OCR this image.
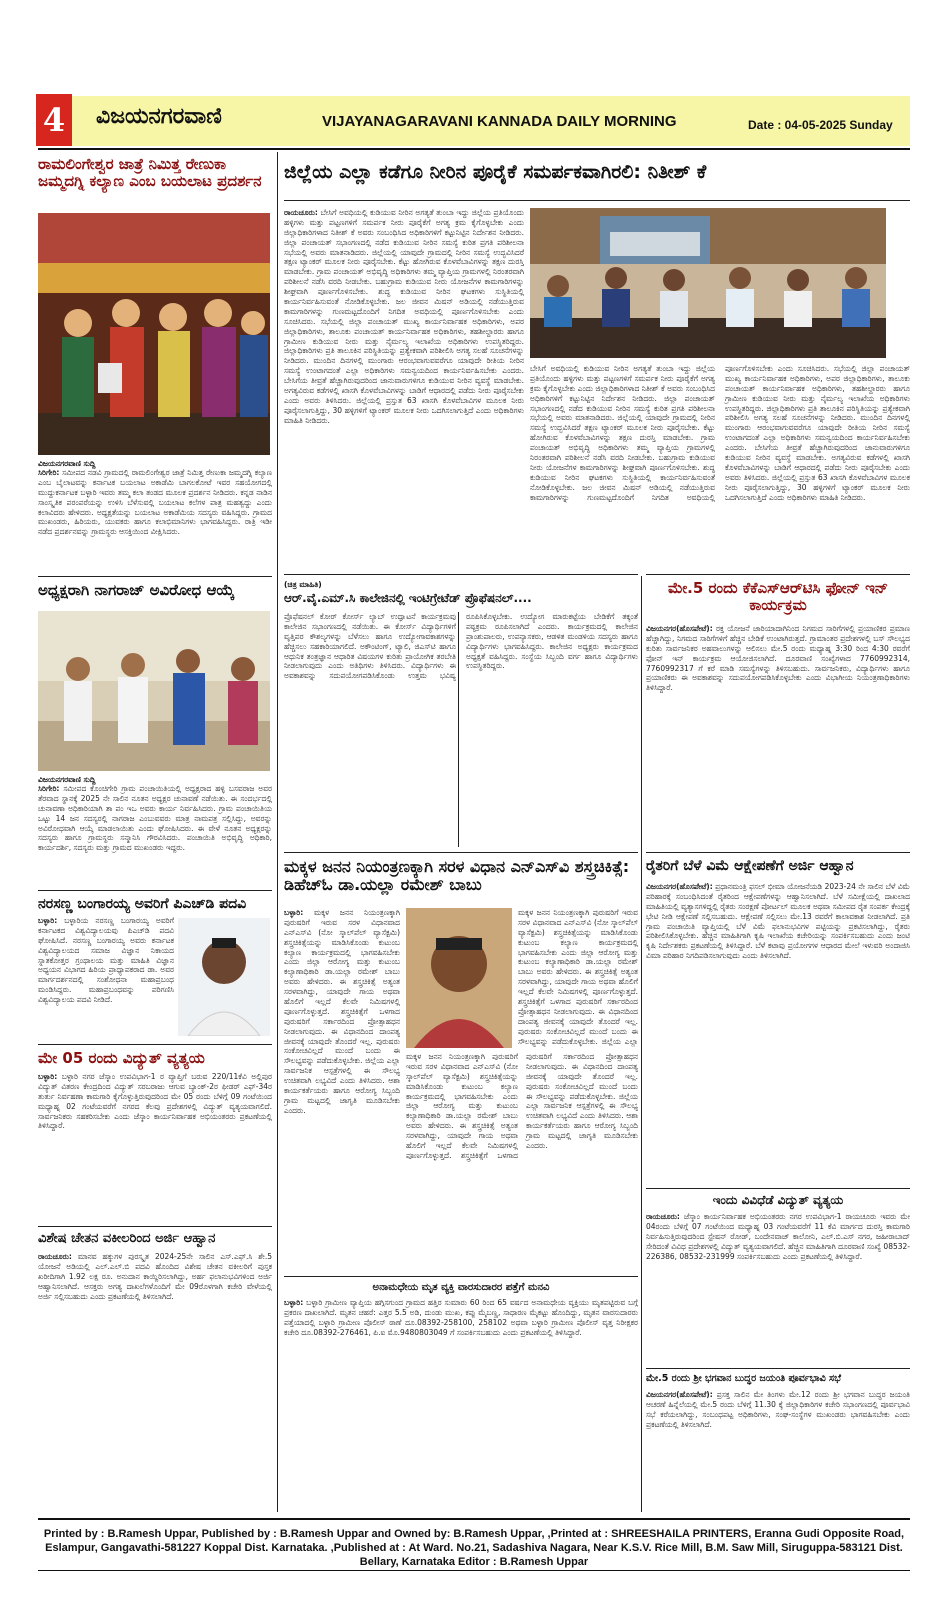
4	ವಿಜಯನಗರವಾಣಿ	VIJAYANAGARAVANI KANNADA DAILY MORNING	Date : 04-05-2025 Sunday
ರಾಮಲಿಂಗೇಶ್ವರ ಜಾತ್ರೆ ನಿಮಿತ್ತ ರೇಣುಕಾ ಜಮ್ಮದಗ್ನಿ ಕಲ್ಯಾಣ ಎಂಬ ಬಯಲಾಟ ಪ್ರದರ್ಶನ
ವಿಜಯನಗರವಾಣಿ ಸುದ್ದಿ
ಸಿರಿಗೇರಿ: ಸಮೀಪದ ನಡವಿ ಗ್ರಾಮದಲ್ಲಿ ರಾಮಲಿಂಗೇಶ್ವರ ಜಾತ್ರೆ ನಿಮಿತ್ತ ರೇಣುಕಾ ಜಮ್ಮದಗ್ನಿ ಕಲ್ಯಾಣ ಎಂಬ ಬೈಲಾಟವನ್ನು ಕರ್ನಾಟಕ ಬಯಲಾಟ ಅಕಾಡೆಮಿ ಬಾಗಲಕೋಟೆ ಇವರ ಸಹಯೋಗದಲ್ಲಿ ಮುದ್ದುಕರ್ನಾಟಕ ಬಳ್ಳಾರಿ ಇವರು ತಮ್ಮ ಕಲಾ ತಂಡದ ಮೂಲಕ ಪ್ರದರ್ಶನ ನೀಡಿದರು. ಕನ್ನಡ ನಾಡಿನ ಸಾಂಸ್ಕೃತಿಕ ಪರಂಪರೆಯನ್ನು ಉಳಿಸಿ ಬೆಳೆಸುವಲ್ಲಿ ಬಯಲಾಟ ಕಲೆಗಳ ಪಾತ್ರ ಮಹತ್ವದ್ದು ಎಂದು ಕಲಾವಿದರು ಹೇಳಿದರು. ಅಧ್ಯಕ್ಷತೆಯನ್ನು ಬಯಲಾಟ ಅಕಾಡೆಮಿಯ ಸದಸ್ಯರು ವಹಿಸಿದ್ದರು. ಗ್ರಾಮದ ಮುಖಂಡರು, ಹಿರಿಯರು, ಯುವಕರು ಹಾಗೂ ಕಲಾಭಿಮಾನಿಗಳು ಭಾಗವಹಿಸಿದ್ದರು. ರಾತ್ರಿ ಇಡೀ ನಡೆದ ಪ್ರದರ್ಶನವನ್ನು ಗ್ರಾಮಸ್ಥರು ಆಸಕ್ತಿಯಿಂದ ವೀಕ್ಷಿಸಿದರು.
ಅಧ್ಯಕ್ಷರಾಗಿ ನಾಗರಾಜ್ ಅವಿರೋಧ ಆಯ್ಕೆ
ವಿಜಯನಗರವಾಣಿ ಸುದ್ದಿ
ಸಿರಿಗೇರಿ: ಸಮೀಪದ ಕೊಂಚಿಗೇರಿ ಗ್ರಾಮ ಪಂಚಾಯಿತಿಯಲ್ಲಿ ಅಧ್ಯಕ್ಷರಾದ ಹಳ್ಳಿ ಬಸವರಾಜ ಅವರ ತೆರವಾದ ಸ್ಥಾನಕ್ಕೆ 2025 ನೇ ಸಾಲಿನ ನೂತನ ಅಧ್ಯಕ್ಷರ ಚುನಾವಣೆ ನಡೆಯಿತು. ಈ ಸಂದರ್ಭದಲ್ಲಿ ಚುನಾವಣಾ ಅಧಿಕಾರಿಯಾಗಿ ತಾ ಪಂ ಇಒ ಅವರು ಕಾರ್ಯ ನಿರ್ವಹಿಸಿದರು. ಗ್ರಾಮ ಪಂಚಾಯಿತಿಯ ಒಟ್ಟು 14 ಜನ ಸದಸ್ಯರಲ್ಲಿ ನಾಗರಾಜ ಎಂಬುವವರು ಮಾತ್ರ ನಾಮಪತ್ರ ಸಲ್ಲಿಸಿದ್ದು, ಅವರನ್ನು ಅವಿರೋಧವಾಗಿ ಆಯ್ಕೆ ಮಾಡಲಾಯಿತು ಎಂದು ಘೋಷಿಸಿದರು. ಈ ವೇಳೆ ನೂತನ ಅಧ್ಯಕ್ಷರನ್ನು ಸದಸ್ಯರು ಹಾಗೂ ಗ್ರಾಮಸ್ಥರು ಸನ್ಮಾನಿಸಿ ಗೌರವಿಸಿದರು. ಪಂಚಾಯಿತಿ ಅಭಿವೃದ್ಧಿ ಅಧಿಕಾರಿ, ಕಾರ್ಯದರ್ಶಿ, ಸದಸ್ಯರು ಮತ್ತು ಗ್ರಾಮದ ಮುಖಂಡರು ಇದ್ದರು.
ನರಸಣ್ಣ ಬಂಗಾರಯ್ಯ ಅವರಿಗೆ ಪಿಎಚ್‌ಡಿ ಪದವಿ
ಬಳ್ಳಾರಿ: ಬಳ್ಳಾರಿಯ ನರಸಣ್ಣ ಬಂಗಾರಯ್ಯ ಅವರಿಗೆ ಕರ್ನಾಟಕದ ವಿಶ್ವವಿದ್ಯಾಲಯವು ಪಿಎಚ್‌ಡಿ ಪದವಿ ಘೋಷಿಸಿದೆ. ನರಸಣ್ಣ ಬಂಗಾರಯ್ಯ ಅವರು ಕರ್ನಾಟಕ ವಿಶ್ವವಿದ್ಯಾಲಯದ ಸಮಾಜ ವಿಜ್ಞಾನ ನಿಕಾಯದ ಸ್ನಾತಕೋತ್ತರ ಗ್ರಂಥಾಲಯ ಮತ್ತು ಮಾಹಿತಿ ವಿಜ್ಞಾನ ಅಧ್ಯಯನ ವಿಭಾಗದ ಹಿರಿಯ ಪ್ರಾಧ್ಯಾಪಕರಾದ ಡಾ. ಅವರ ಮಾರ್ಗದರ್ಶನದಲ್ಲಿ ಸಂಶೋಧನಾ ಮಹಾಪ್ರಬಂಧ ಮಂಡಿಸಿದ್ದರು. ಮಹಾಪ್ರಬಂಧವನ್ನು ಪರಿಗಣಿಸಿ ವಿಶ್ವವಿದ್ಯಾಲಯ ಪದವಿ ನೀಡಿದೆ.
ಮೇ 05 ರಂದು ವಿದ್ಯುತ್ ವ್ಯತ್ಯಯ
ಬಳ್ಳಾರಿ: ಬಳ್ಳಾರಿ ನಗರ ಜೆಸ್ಕಾಂ ಉಪವಿಭಾಗ-1 ರ ವ್ಯಾಪ್ತಿಗೆ ಬರುವ 220/11ಕೆವಿ ಅಲ್ಲಿಪುರ ವಿದ್ಯುತ್ ವಿತರಣ ಕೇಂದ್ರದಿಂದ ವಿದ್ಯುತ್ ಸರಬರಾಜು ಆಗುವ ಬ್ಯಾಂಕ್-2ರ ಫೀಡರ್ ಎಫ್-34ರ ತುರ್ತು ನಿರ್ವಹಣಾ ಕಾಮಗಾರಿ ಕೈಗೊಳ್ಳುತ್ತಿರುವುದರಿಂದ ಮೇ 05 ರಂದು ಬೆಳಿಗ್ಗೆ 09 ಗಂಟೆಯಿಂದ ಮಧ್ಯಾಹ್ನ 02 ಗಂಟೆಯವರೆಗೆ ನಗರದ ಕೆಲವು ಪ್ರದೇಶಗಳಲ್ಲಿ ವಿದ್ಯುತ್ ವ್ಯತ್ಯಯವಾಗಲಿದೆ. ಸಾರ್ವಜನಿಕರು ಸಹಕರಿಸಬೇಕು ಎಂದು ಜೆಸ್ಕಾಂ ಕಾರ್ಯನಿರ್ವಾಹಕ ಅಭಿಯಂತರರು ಪ್ರಕಟಣೆಯಲ್ಲಿ ತಿಳಿಸಿದ್ದಾರೆ.
ವಿಶೇಷ ಚೇತನ ವಕೀಲರಿಂದ ಅರ್ಜಿ ಆಹ್ವಾನ
ರಾಯಚೂರು: ಮಾನವ ಹಕ್ಕುಗಳ ಪುರಸ್ಕೃತ 2024-25ನೇ ಸಾಲಿನ ಎಸ್.ಎಫ್.ಸಿ ಶೇ.5 ಯೋಜನೆ ಅಡಿಯಲ್ಲಿ ಎಲ್.ಎಲ್.ಬಿ ಪದವಿ ಹೊಂದಿದ ವಿಶೇಷ ಚೇತನ ವಕೀಲರಿಗೆ ಪುಸ್ತಕ ಖರೀದಿಗಾಗಿ 1.92 ಲಕ್ಷ ರೂ. ಅನುದಾನ ಕಾಯ್ದಿರಿಸಲಾಗಿದ್ದು, ಅರ್ಹ ಫಲಾನುಭವಿಗಳಿಂದ ಅರ್ಜಿ ಆಹ್ವಾನಿಸಲಾಗಿದೆ. ಆಸಕ್ತರು ಅಗತ್ಯ ದಾಖಲೆಗಳೊಂದಿಗೆ ಮೇ 09ರೊಳಗಾಗಿ ಕಚೇರಿ ವೇಳೆಯಲ್ಲಿ ಅರ್ಜಿ ಸಲ್ಲಿಸಬಹುದು ಎಂದು ಪ್ರಕಟಣೆಯಲ್ಲಿ ತಿಳಿಸಲಾಗಿದೆ.
ಜಿಲ್ಲೆಯ ಎಲ್ಲಾ ಕಡೆಗೂ ನೀರಿನ ಪೂರೈಕೆ ಸಮರ್ಪಕವಾಗಿರಲಿ: ನಿತೀಶ್ ಕೆ
ರಾಯಚೂರು: ಬೇಸಿಗೆ ಅವಧಿಯಲ್ಲಿ ಕುಡಿಯುವ ನೀರಿನ ಅಗತ್ಯತೆ ತುಂಬಾ ಇದ್ದು ಜಿಲ್ಲೆಯ ಪ್ರತಿಯೊಂದು ಹಳ್ಳಿಗಳು ಮತ್ತು ಪಟ್ಟಣಗಳಿಗೆ ಸಮರ್ಪಕ ನೀರು ಪೂರೈಕೆಗೆ ಅಗತ್ಯ ಕ್ರಮ ಕೈಗೊಳ್ಳಬೇಕು ಎಂದು ಜಿಲ್ಲಾಧಿಕಾರಿಗಳಾದ ನಿತೀಶ್ ಕೆ ಅವರು ಸಂಬಂಧಿಸಿದ ಅಧಿಕಾರಿಗಳಿಗೆ ಕಟ್ಟುನಿಟ್ಟಿನ ನಿರ್ದೇಶನ ನೀಡಿದರು. ಜಿಲ್ಲಾ ಪಂಚಾಯತ್ ಸಭಾಂಗಣದಲ್ಲಿ ನಡೆದ ಕುಡಿಯುವ ನೀರಿನ ಸಮಸ್ಯೆ ಕುರಿತ ಪ್ರಗತಿ ಪರಿಶೀಲನಾ ಸಭೆಯಲ್ಲಿ ಅವರು ಮಾತನಾಡಿದರು. ಜಿಲ್ಲೆಯಲ್ಲಿ ಯಾವುದೇ ಗ್ರಾಮದಲ್ಲಿ ನೀರಿನ ಸಮಸ್ಯೆ ಉದ್ಭವಿಸಿದರೆ ತಕ್ಷಣ ಟ್ಯಾಂಕರ್ ಮೂಲಕ ನೀರು ಪೂರೈಸಬೇಕು. ಕೆಟ್ಟು ಹೋಗಿರುವ ಕೊಳವೆಬಾವಿಗಳನ್ನು ತಕ್ಷಣ ದುರಸ್ತಿ ಮಾಡಬೇಕು. ಗ್ರಾಮ ಪಂಚಾಯತ್ ಅಭಿವೃದ್ಧಿ ಅಧಿಕಾರಿಗಳು ತಮ್ಮ ವ್ಯಾಪ್ತಿಯ ಗ್ರಾಮಗಳಲ್ಲಿ ನಿರಂತರವಾಗಿ ಪರಿಶೀಲನೆ ನಡೆಸಿ ವರದಿ ನೀಡಬೇಕು. ಬಹುಗ್ರಾಮ ಕುಡಿಯುವ ನೀರು ಯೋಜನೆಗಳ ಕಾಮಗಾರಿಗಳನ್ನು ಶೀಘ್ರವಾಗಿ ಪೂರ್ಣಗೊಳಿಸಬೇಕು. ಶುದ್ಧ ಕುಡಿಯುವ ನೀರಿನ ಘಟಕಗಳು ಸುಸ್ಥಿತಿಯಲ್ಲಿ ಕಾರ್ಯನಿರ್ವಹಿಸುವಂತೆ ನೋಡಿಕೊಳ್ಳಬೇಕು. ಜಲ ಜೀವನ ಮಿಷನ್ ಅಡಿಯಲ್ಲಿ ನಡೆಯುತ್ತಿರುವ ಕಾಮಗಾರಿಗಳನ್ನು ಗುಣಮಟ್ಟದೊಂದಿಗೆ ನಿಗದಿತ ಅವಧಿಯಲ್ಲಿ ಪೂರ್ಣಗೊಳಿಸಬೇಕು ಎಂದು ಸೂಚಿಸಿದರು. ಸಭೆಯಲ್ಲಿ ಜಿಲ್ಲಾ ಪಂಚಾಯತ್ ಮುಖ್ಯ ಕಾರ್ಯನಿರ್ವಾಹಕ ಅಧಿಕಾರಿಗಳು, ಅಪರ ಜಿಲ್ಲಾಧಿಕಾರಿಗಳು, ತಾಲೂಕು ಪಂಚಾಯತ್ ಕಾರ್ಯನಿರ್ವಾಹಕ ಅಧಿಕಾರಿಗಳು, ತಹಶೀಲ್ದಾರರು ಹಾಗೂ ಗ್ರಾಮೀಣ ಕುಡಿಯುವ ನೀರು ಮತ್ತು ನೈರ್ಮಲ್ಯ ಇಲಾಖೆಯ ಅಧಿಕಾರಿಗಳು ಉಪಸ್ಥಿತರಿದ್ದರು. ಜಿಲ್ಲಾಧಿಕಾರಿಗಳು ಪ್ರತಿ ತಾಲೂಕಿನ ಪರಿಸ್ಥಿತಿಯನ್ನು ಪ್ರತ್ಯೇಕವಾಗಿ ಪರಿಶೀಲಿಸಿ ಅಗತ್ಯ ಸಲಹೆ ಸೂಚನೆಗಳನ್ನು ನೀಡಿದರು. ಮುಂದಿನ ದಿನಗಳಲ್ಲಿ ಮುಂಗಾರು ಆರಂಭವಾಗುವವರೆಗೂ ಯಾವುದೇ ರೀತಿಯ ನೀರಿನ ಸಮಸ್ಯೆ ಉಂಟಾಗದಂತೆ ಎಲ್ಲಾ ಅಧಿಕಾರಿಗಳು ಸಮನ್ವಯದಿಂದ ಕಾರ್ಯನಿರ್ವಹಿಸಬೇಕು ಎಂದರು. ಬೇಸಿಗೆಯ ತೀವ್ರತೆ ಹೆಚ್ಚಾಗಿರುವುದರಿಂದ ಜಾನುವಾರುಗಳಿಗೂ ಕುಡಿಯುವ ನೀರಿನ ವ್ಯವಸ್ಥೆ ಮಾಡಬೇಕು. ಅಗತ್ಯವಿರುವ ಕಡೆಗಳಲ್ಲಿ ಖಾಸಗಿ ಕೊಳವೆಬಾವಿಗಳನ್ನು ಬಾಡಿಗೆ ಆಧಾರದಲ್ಲಿ ಪಡೆದು ನೀರು ಪೂರೈಸಬೇಕು ಎಂದು ಅವರು ತಿಳಿಸಿದರು. ಜಿಲ್ಲೆಯಲ್ಲಿ ಪ್ರಸ್ತುತ 63 ಖಾಸಗಿ ಕೊಳವೆಬಾವಿಗಳ ಮೂಲಕ ನೀರು ಪೂರೈಸಲಾಗುತ್ತಿದ್ದು, 30 ಹಳ್ಳಿಗಳಿಗೆ ಟ್ಯಾಂಕರ್ ಮೂಲಕ ನೀರು ಒದಗಿಸಲಾಗುತ್ತಿದೆ ಎಂದು ಅಧಿಕಾರಿಗಳು ಮಾಹಿತಿ ನೀಡಿದರು.
ಬೇಸಿಗೆ ಅವಧಿಯಲ್ಲಿ ಕುಡಿಯುವ ನೀರಿನ ಅಗತ್ಯತೆ ತುಂಬಾ ಇದ್ದು ಜಿಲ್ಲೆಯ ಪ್ರತಿಯೊಂದು ಹಳ್ಳಿಗಳು ಮತ್ತು ಪಟ್ಟಣಗಳಿಗೆ ಸಮರ್ಪಕ ನೀರು ಪೂರೈಕೆಗೆ ಅಗತ್ಯ ಕ್ರಮ ಕೈಗೊಳ್ಳಬೇಕು ಎಂದು ಜಿಲ್ಲಾಧಿಕಾರಿಗಳಾದ ನಿತೀಶ್ ಕೆ ಅವರು ಸಂಬಂಧಿಸಿದ ಅಧಿಕಾರಿಗಳಿಗೆ ಕಟ್ಟುನಿಟ್ಟಿನ ನಿರ್ದೇಶನ ನೀಡಿದರು. ಜಿಲ್ಲಾ ಪಂಚಾಯತ್ ಸಭಾಂಗಣದಲ್ಲಿ ನಡೆದ ಕುಡಿಯುವ ನೀರಿನ ಸಮಸ್ಯೆ ಕುರಿತ ಪ್ರಗತಿ ಪರಿಶೀಲನಾ ಸಭೆಯಲ್ಲಿ ಅವರು ಮಾತನಾಡಿದರು. ಜಿಲ್ಲೆಯಲ್ಲಿ ಯಾವುದೇ ಗ್ರಾಮದಲ್ಲಿ ನೀರಿನ ಸಮಸ್ಯೆ ಉದ್ಭವಿಸಿದರೆ ತಕ್ಷಣ ಟ್ಯಾಂಕರ್ ಮೂಲಕ ನೀರು ಪೂರೈಸಬೇಕು. ಕೆಟ್ಟು ಹೋಗಿರುವ ಕೊಳವೆಬಾವಿಗಳನ್ನು ತಕ್ಷಣ ದುರಸ್ತಿ ಮಾಡಬೇಕು. ಗ್ರಾಮ ಪಂಚಾಯತ್ ಅಭಿವೃದ್ಧಿ ಅಧಿಕಾರಿಗಳು ತಮ್ಮ ವ್ಯಾಪ್ತಿಯ ಗ್ರಾಮಗಳಲ್ಲಿ ನಿರಂತರವಾಗಿ ಪರಿಶೀಲನೆ ನಡೆಸಿ ವರದಿ ನೀಡಬೇಕು. ಬಹುಗ್ರಾಮ ಕುಡಿಯುವ ನೀರು ಯೋಜನೆಗಳ ಕಾಮಗಾರಿಗಳನ್ನು ಶೀಘ್ರವಾಗಿ ಪೂರ್ಣಗೊಳಿಸಬೇಕು. ಶುದ್ಧ ಕುಡಿಯುವ ನೀರಿನ ಘಟಕಗಳು ಸುಸ್ಥಿತಿಯಲ್ಲಿ ಕಾರ್ಯನಿರ್ವಹಿಸುವಂತೆ ನೋಡಿಕೊಳ್ಳಬೇಕು. ಜಲ ಜೀವನ ಮಿಷನ್ ಅಡಿಯಲ್ಲಿ ನಡೆಯುತ್ತಿರುವ ಕಾಮಗಾರಿಗಳನ್ನು ಗುಣಮಟ್ಟದೊಂದಿಗೆ ನಿಗದಿತ ಅವಧಿಯಲ್ಲಿ ಪೂರ್ಣಗೊಳಿಸಬೇಕು ಎಂದು ಸೂಚಿಸಿದರು. ಸಭೆಯಲ್ಲಿ ಜಿಲ್ಲಾ ಪಂಚಾಯತ್ ಮುಖ್ಯ ಕಾರ್ಯನಿರ್ವಾಹಕ ಅಧಿಕಾರಿಗಳು, ಅಪರ ಜಿಲ್ಲಾಧಿಕಾರಿಗಳು, ತಾಲೂಕು ಪಂಚಾಯತ್ ಕಾರ್ಯನಿರ್ವಾಹಕ ಅಧಿಕಾರಿಗಳು, ತಹಶೀಲ್ದಾರರು ಹಾಗೂ ಗ್ರಾಮೀಣ ಕುಡಿಯುವ ನೀರು ಮತ್ತು ನೈರ್ಮಲ್ಯ ಇಲಾಖೆಯ ಅಧಿಕಾರಿಗಳು ಉಪಸ್ಥಿತರಿದ್ದರು. ಜಿಲ್ಲಾಧಿಕಾರಿಗಳು ಪ್ರತಿ ತಾಲೂಕಿನ ಪರಿಸ್ಥಿತಿಯನ್ನು ಪ್ರತ್ಯೇಕವಾಗಿ ಪರಿಶೀಲಿಸಿ ಅಗತ್ಯ ಸಲಹೆ ಸೂಚನೆಗಳನ್ನು ನೀಡಿದರು. ಮುಂದಿನ ದಿನಗಳಲ್ಲಿ ಮುಂಗಾರು ಆರಂಭವಾಗುವವರೆಗೂ ಯಾವುದೇ ರೀತಿಯ ನೀರಿನ ಸಮಸ್ಯೆ ಉಂಟಾಗದಂತೆ ಎಲ್ಲಾ ಅಧಿಕಾರಿಗಳು ಸಮನ್ವಯದಿಂದ ಕಾರ್ಯನಿರ್ವಹಿಸಬೇಕು ಎಂದರು. ಬೇಸಿಗೆಯ ತೀವ್ರತೆ ಹೆಚ್ಚಾಗಿರುವುದರಿಂದ ಜಾನುವಾರುಗಳಿಗೂ ಕುಡಿಯುವ ನೀರಿನ ವ್ಯವಸ್ಥೆ ಮಾಡಬೇಕು. ಅಗತ್ಯವಿರುವ ಕಡೆಗಳಲ್ಲಿ ಖಾಸಗಿ ಕೊಳವೆಬಾವಿಗಳನ್ನು ಬಾಡಿಗೆ ಆಧಾರದಲ್ಲಿ ಪಡೆದು ನೀರು ಪೂರೈಸಬೇಕು ಎಂದು ಅವರು ತಿಳಿಸಿದರು. ಜಿಲ್ಲೆಯಲ್ಲಿ ಪ್ರಸ್ತುತ 63 ಖಾಸಗಿ ಕೊಳವೆಬಾವಿಗಳ ಮೂಲಕ ನೀರು ಪೂರೈಸಲಾಗುತ್ತಿದ್ದು, 30 ಹಳ್ಳಿಗಳಿಗೆ ಟ್ಯಾಂಕರ್ ಮೂಲಕ ನೀರು ಒದಗಿಸಲಾಗುತ್ತಿದೆ ಎಂದು ಅಧಿಕಾರಿಗಳು ಮಾಹಿತಿ ನೀಡಿದರು.
(ಚಿತ್ರ ಮಾಹಿತಿ)
ಆರ್.ವೈ.ಎಮ್.ಸಿ ಕಾಲೇಜಿನಲ್ಲಿ ಇಂಟಿಗ್ರೇಟೆಡ್ ಪ್ರೊಫೆಷನಲ್....
ಪ್ರೊಫೆಷನಲ್ ಕೋರ್ ಕೋರ್ಸ್ ಲ್ಯಾಬ್ ಉದ್ಘಾಟನೆ ಕಾರ್ಯಕ್ರಮವು ಕಾಲೇಜಿನ ಸಭಾಂಗಣದಲ್ಲಿ ನಡೆಯಿತು. ಈ ಕೋರ್ಸ್ ವಿದ್ಯಾರ್ಥಿಗಳಿಗೆ ವೃತ್ತಿಪರ ಕೌಶಲ್ಯಗಳನ್ನು ಬೆಳೆಸಲು ಹಾಗೂ ಉದ್ಯೋಗಾವಕಾಶಗಳನ್ನು ಹೆಚ್ಚಿಸಲು ಸಹಕಾರಿಯಾಗಲಿದೆ. ಅಕೌಂಟಿಂಗ್, ಟ್ಯಾಲಿ, ಜಿಎಸ್‌ಟಿ ಹಾಗೂ ಆಧುನಿಕ ತಂತ್ರಜ್ಞಾನ ಆಧಾರಿತ ವಿಷಯಗಳ ಕುರಿತು ಪ್ರಾಯೋಗಿಕ ತರಬೇತಿ ನೀಡಲಾಗುವುದು ಎಂದು ಅತಿಥಿಗಳು ತಿಳಿಸಿದರು. ವಿದ್ಯಾರ್ಥಿಗಳು ಈ ಅವಕಾಶವನ್ನು ಸದುಪಯೋಗಪಡಿಸಿಕೊಂಡು ಉತ್ತಮ ಭವಿಷ್ಯ ರೂಪಿಸಿಕೊಳ್ಳಬೇಕು. ಉದ್ಯೋಗ ಮಾರುಕಟ್ಟೆಯ ಬೇಡಿಕೆಗೆ ತಕ್ಕಂತೆ ಪಠ್ಯಕ್ರಮ ರೂಪಿಸಲಾಗಿದೆ ಎಂದರು. ಕಾರ್ಯಕ್ರಮದಲ್ಲಿ ಕಾಲೇಜಿನ ಪ್ರಾಂಶುಪಾಲರು, ಉಪನ್ಯಾಸಕರು, ಆಡಳಿತ ಮಂಡಳಿಯ ಸದಸ್ಯರು ಹಾಗೂ ವಿದ್ಯಾರ್ಥಿಗಳು ಭಾಗವಹಿಸಿದ್ದರು. ಕಾಲೇಜಿನ ಅಧ್ಯಕ್ಷರು ಕಾರ್ಯಕ್ರಮದ ಅಧ್ಯಕ್ಷತೆ ವಹಿಸಿದ್ದರು. ಸಂಸ್ಥೆಯ ಸಿಬ್ಬಂದಿ ವರ್ಗ ಹಾಗೂ ವಿದ್ಯಾರ್ಥಿಗಳು ಉಪಸ್ಥಿತರಿದ್ದರು.
ಮೇ.5 ರಂದು ಕೆಕೆಎಸ್‌ಆರ್‌ಟಿಸಿ ಫೋನ್ ಇನ್ ಕಾರ್ಯಕ್ರಮ
ವಿಜಯನಗರ(ಹೊಸಪೇಟೆ): ರಕ್ತ ಯೋಜನೆ ಜಾರಿಯಾದಾಗಿನಿಂದ ನಿಗಮದ ಸಾರಿಗೆಗಳಲ್ಲಿ ಪ್ರಯಾಣಿಕರ ಪ್ರಮಾಣ ಹೆಚ್ಚಾಗಿದ್ದು, ನಿಗಮದ ಸಾರಿಗೆಗಳಿಗೆ ಹೆಚ್ಚಿನ ಬೇಡಿಕೆ ಉಂಟಾಗಿರುತ್ತದೆ. ಗ್ರಾಮಾಂತರ ಪ್ರದೇಶಗಳಲ್ಲಿ ಬಸ್ ಸೌಲಭ್ಯದ ಕುರಿತು ಸಾರ್ವಜನಿಕರ ಅಹವಾಲುಗಳನ್ನು ಆಲಿಸಲು ಮೇ.5 ರಂದು ಮಧ್ಯಾಹ್ನ 3:30 ರಿಂದ 4:30 ರವರೆಗೆ ಫೋನ್ ಇನ್ ಕಾರ್ಯಕ್ರಮ ಆಯೋಜಿಸಲಾಗಿದೆ. ದೂರವಾಣಿ ಸಂಖ್ಯೆಗಳಾದ 7760992314, 7760992317 ಗೆ ಕರೆ ಮಾಡಿ ಸಮಸ್ಯೆಗಳನ್ನು ತಿಳಿಸಬಹುದು. ಸಾರ್ವಜನಿಕರು, ವಿದ್ಯಾರ್ಥಿಗಳು ಹಾಗೂ ಪ್ರಯಾಣಿಕರು ಈ ಅವಕಾಶವನ್ನು ಸದುಪಯೋಗಪಡಿಸಿಕೊಳ್ಳಬೇಕು ಎಂದು ವಿಭಾಗೀಯ ನಿಯಂತ್ರಣಾಧಿಕಾರಿಗಳು ತಿಳಿಸಿದ್ದಾರೆ.
ಮಕ್ಕಳ ಜನನ ನಿಯಂತ್ರಣಕ್ಕಾಗಿ ಸರಳ ವಿಧಾನ ಎನ್‌ಎಸ್‌ವಿ ಶಸ್ತ್ರಚಿಕಿತ್ಸೆ: ಡಿಹೆಚ್‌ಓ ಡಾ.ಯಲ್ಲಾ ರಮೇಶ್ ಬಾಬು
ಬಳ್ಳಾರಿ: ಮಕ್ಕಳ ಜನನ ನಿಯಂತ್ರಣಕ್ಕಾಗಿ ಪುರುಷರಿಗೆ ಇರುವ ಸರಳ ವಿಧಾನವಾದ ಎನ್‌ಎಸ್‌ವಿ (ನೋ ಸ್ಕಾಲ್‌ಪೆಲ್ ವ್ಯಾಸೆಕ್ಟಮಿ) ಶಸ್ತ್ರಚಿಕಿತ್ಸೆಯನ್ನು ಮಾಡಿಸಿಕೊಂಡು ಕುಟುಂಬ ಕಲ್ಯಾಣ ಕಾರ್ಯಕ್ರಮದಲ್ಲಿ ಭಾಗವಹಿಸಬೇಕು ಎಂದು ಜಿಲ್ಲಾ ಆರೋಗ್ಯ ಮತ್ತು ಕುಟುಂಬ ಕಲ್ಯಾಣಾಧಿಕಾರಿ ಡಾ.ಯಲ್ಲಾ ರಮೇಶ್ ಬಾಬು ಅವರು ಹೇಳಿದರು. ಈ ಶಸ್ತ್ರಚಿಕಿತ್ಸೆ ಅತ್ಯಂತ ಸರಳವಾಗಿದ್ದು, ಯಾವುದೇ ಗಾಯ ಅಥವಾ ಹೊಲಿಗೆ ಇಲ್ಲದೆ ಕೆಲವೇ ನಿಮಿಷಗಳಲ್ಲಿ ಪೂರ್ಣಗೊಳ್ಳುತ್ತದೆ. ಶಸ್ತ್ರಚಿಕಿತ್ಸೆಗೆ ಒಳಗಾದ ಪುರುಷರಿಗೆ ಸರ್ಕಾರದಿಂದ ಪ್ರೋತ್ಸಾಹಧನ ನೀಡಲಾಗುವುದು. ಈ ವಿಧಾನದಿಂದ ದಾಂಪತ್ಯ ಜೀವನಕ್ಕೆ ಯಾವುದೇ ತೊಂದರೆ ಇಲ್ಲ. ಪುರುಷರು ಸಂಕೋಚವಿಲ್ಲದೆ ಮುಂದೆ ಬಂದು ಈ ಸೌಲಭ್ಯವನ್ನು ಪಡೆದುಕೊಳ್ಳಬೇಕು. ಜಿಲ್ಲೆಯ ಎಲ್ಲಾ ಸಾರ್ವಜನಿಕ ಆಸ್ಪತ್ರೆಗಳಲ್ಲಿ ಈ ಸೌಲಭ್ಯ ಉಚಿತವಾಗಿ ಲಭ್ಯವಿದೆ ಎಂದು ತಿಳಿಸಿದರು. ಆಶಾ ಕಾರ್ಯಕರ್ತೆಯರು ಹಾಗೂ ಆರೋಗ್ಯ ಸಿಬ್ಬಂದಿ ಗ್ರಾಮ ಮಟ್ಟದಲ್ಲಿ ಜಾಗೃತಿ ಮೂಡಿಸಬೇಕು ಎಂದರು.
ಮಕ್ಕಳ ಜನನ ನಿಯಂತ್ರಣಕ್ಕಾಗಿ ಪುರುಷರಿಗೆ ಇರುವ ಸರಳ ವಿಧಾನವಾದ ಎನ್‌ಎಸ್‌ವಿ (ನೋ ಸ್ಕಾಲ್‌ಪೆಲ್ ವ್ಯಾಸೆಕ್ಟಮಿ) ಶಸ್ತ್ರಚಿಕಿತ್ಸೆಯನ್ನು ಮಾಡಿಸಿಕೊಂಡು ಕುಟುಂಬ ಕಲ್ಯಾಣ ಕಾರ್ಯಕ್ರಮದಲ್ಲಿ ಭಾಗವಹಿಸಬೇಕು ಎಂದು ಜಿಲ್ಲಾ ಆರೋಗ್ಯ ಮತ್ತು ಕುಟುಂಬ ಕಲ್ಯಾಣಾಧಿಕಾರಿ ಡಾ.ಯಲ್ಲಾ ರಮೇಶ್ ಬಾಬು ಅವರು ಹೇಳಿದರು. ಈ ಶಸ್ತ್ರಚಿಕಿತ್ಸೆ ಅತ್ಯಂತ ಸರಳವಾಗಿದ್ದು, ಯಾವುದೇ ಗಾಯ ಅಥವಾ ಹೊಲಿಗೆ ಇಲ್ಲದೆ ಕೆಲವೇ ನಿಮಿಷಗಳಲ್ಲಿ ಪೂರ್ಣಗೊಳ್ಳುತ್ತದೆ. ಶಸ್ತ್ರಚಿಕಿತ್ಸೆಗೆ ಒಳಗಾದ ಪುರುಷರಿಗೆ ಸರ್ಕಾರದಿಂದ ಪ್ರೋತ್ಸಾಹಧನ ನೀಡಲಾಗುವುದು. ಈ ವಿಧಾನದಿಂದ ದಾಂಪತ್ಯ ಜೀವನಕ್ಕೆ ಯಾವುದೇ ತೊಂದರೆ ಇಲ್ಲ. ಪುರುಷರು ಸಂಕೋಚವಿಲ್ಲದೆ ಮುಂದೆ ಬಂದು ಈ ಸೌಲಭ್ಯವನ್ನು ಪಡೆದುಕೊಳ್ಳಬೇಕು. ಜಿಲ್ಲೆಯ ಎಲ್ಲಾ
ಮಕ್ಕಳ ಜನನ ನಿಯಂತ್ರಣಕ್ಕಾಗಿ ಪುರುಷರಿಗೆ ಇರುವ ಸರಳ ವಿಧಾನವಾದ ಎನ್‌ಎಸ್‌ವಿ (ನೋ ಸ್ಕಾಲ್‌ಪೆಲ್ ವ್ಯಾಸೆಕ್ಟಮಿ) ಶಸ್ತ್ರಚಿಕಿತ್ಸೆಯನ್ನು ಮಾಡಿಸಿಕೊಂಡು ಕುಟುಂಬ ಕಲ್ಯಾಣ ಕಾರ್ಯಕ್ರಮದಲ್ಲಿ ಭಾಗವಹಿಸಬೇಕು ಎಂದು ಜಿಲ್ಲಾ ಆರೋಗ್ಯ ಮತ್ತು ಕುಟುಂಬ ಕಲ್ಯಾಣಾಧಿಕಾರಿ ಡಾ.ಯಲ್ಲಾ ರಮೇಶ್ ಬಾಬು ಅವರು ಹೇಳಿದರು. ಈ ಶಸ್ತ್ರಚಿಕಿತ್ಸೆ ಅತ್ಯಂತ ಸರಳವಾಗಿದ್ದು, ಯಾವುದೇ ಗಾಯ ಅಥವಾ ಹೊಲಿಗೆ ಇಲ್ಲದೆ ಕೆಲವೇ ನಿಮಿಷಗಳಲ್ಲಿ ಪೂರ್ಣಗೊಳ್ಳುತ್ತದೆ. ಶಸ್ತ್ರಚಿಕಿತ್ಸೆಗೆ ಒಳಗಾದ ಪುರುಷರಿಗೆ ಸರ್ಕಾರದಿಂದ ಪ್ರೋತ್ಸಾಹಧನ ನೀಡಲಾಗುವುದು. ಈ ವಿಧಾನದಿಂದ ದಾಂಪತ್ಯ ಜೀವನಕ್ಕೆ ಯಾವುದೇ ತೊಂದರೆ ಇಲ್ಲ. ಪುರುಷರು ಸಂಕೋಚವಿಲ್ಲದೆ ಮುಂದೆ ಬಂದು ಈ ಸೌಲಭ್ಯವನ್ನು ಪಡೆದುಕೊಳ್ಳಬೇಕು. ಜಿಲ್ಲೆಯ ಎಲ್ಲಾ ಸಾರ್ವಜನಿಕ ಆಸ್ಪತ್ರೆಗಳಲ್ಲಿ ಈ ಸೌಲಭ್ಯ ಉಚಿತವಾಗಿ ಲಭ್ಯವಿದೆ ಎಂದು ತಿಳಿಸಿದರು. ಆಶಾ ಕಾರ್ಯಕರ್ತೆಯರು ಹಾಗೂ ಆರೋಗ್ಯ ಸಿಬ್ಬಂದಿ ಗ್ರಾಮ ಮಟ್ಟದಲ್ಲಿ ಜಾಗೃತಿ ಮೂಡಿಸಬೇಕು ಎಂದರು.
ರೈತರಿಗೆ ಬೆಳೆ ವಿಮೆ ಆಕ್ಷೇಪಣೆಗೆ ಅರ್ಜಿ ಆಹ್ವಾನ
ವಿಜಯನಗರ(ಹೊಸಪೇಟೆ): ಪ್ರಧಾನಮಂತ್ರಿ ಫಸಲ್ ಭೀಮಾ ಯೋಜನೆಯಡಿ 2023-24 ನೇ ಸಾಲಿನ ಬೆಳೆ ವಿಮೆ ಪರಿಹಾರಕ್ಕೆ ಸಂಬಂಧಿಸಿದಂತೆ ರೈತರಿಂದ ಆಕ್ಷೇಪಣೆಗಳನ್ನು ಆಹ್ವಾನಿಸಲಾಗಿದೆ. ಬೆಳೆ ಸಮೀಕ್ಷೆಯಲ್ಲಿ ದಾಖಲಾದ ಮಾಹಿತಿಯಲ್ಲಿ ವ್ಯತ್ಯಾಸಗಳಿದ್ದಲ್ಲಿ ರೈತರು ಸಂರಕ್ಷಣೆ ಪೋರ್ಟಲ್ ಮೂಲಕ ಅಥವಾ ಸಮೀಪದ ರೈತ ಸಂಪರ್ಕ ಕೇಂದ್ರಕ್ಕೆ ಭೇಟಿ ನೀಡಿ ಆಕ್ಷೇಪಣೆ ಸಲ್ಲಿಸಬಹುದು. ಆಕ್ಷೇಪಣೆ ಸಲ್ಲಿಸಲು ಮೇ.13 ರವರೆಗೆ ಕಾಲಾವಕಾಶ ನೀಡಲಾಗಿದೆ. ಪ್ರತಿ ಗ್ರಾಮ ಪಂಚಾಯಿತಿ ವ್ಯಾಪ್ತಿಯಲ್ಲಿ ಬೆಳೆ ವಿಮೆ ಫಲಾನುಭವಿಗಳ ಪಟ್ಟಿಯನ್ನು ಪ್ರಕಟಿಸಲಾಗಿದ್ದು, ರೈತರು ಪರಿಶೀಲಿಸಿಕೊಳ್ಳಬೇಕು. ಹೆಚ್ಚಿನ ಮಾಹಿತಿಗಾಗಿ ಕೃಷಿ ಇಲಾಖೆಯ ಕಚೇರಿಯನ್ನು ಸಂಪರ್ಕಿಸಬಹುದು ಎಂದು ಜಂಟಿ ಕೃಷಿ ನಿರ್ದೇಶಕರು ಪ್ರಕಟಣೆಯಲ್ಲಿ ತಿಳಿಸಿದ್ದಾರೆ. ಬೆಳೆ ಕಟಾವು ಪ್ರಯೋಗಗಳ ಆಧಾರದ ಮೇಲೆ ಇಳುವರಿ ಅಂದಾಜಿಸಿ ವಿಮಾ ಪರಿಹಾರ ನಿಗದಿಪಡಿಸಲಾಗುವುದು ಎಂದು ತಿಳಿಸಲಾಗಿದೆ.
ಇಂದು ವಿವಿಧೆಡೆ ವಿದ್ಯುತ್ ವ್ಯತ್ಯಯ
ರಾಯಚೂರು: ಜೆಸ್ಕಾಂ ಕಾರ್ಯನಿರ್ವಾಹಕ ಅಭಿಯಂತರರು ನಗರ ಉಪವಿಭಾಗ-1 ರಾಯಚೂರು ಇವರು ಮೇ 04ರಂದು ಬೆಳಿಗ್ಗೆ 07 ಗಂಟೆಯಿಂದ ಮಧ್ಯಾಹ್ನ 03 ಗಂಟೆಯವರೆಗೆ 11 ಕೆವಿ ಮಾರ್ಗದ ದುರಸ್ತಿ ಕಾಮಗಾರಿ ನಿರ್ವಹಿಸುತ್ತಿರುವುದರಿಂದ ಸ್ಟೇಷನ್ ರೋಡ್, ಬಂದೇನವಾಜ್ ಕಾಲೋನಿ, ಎಲ್.ಬಿ.ಎಸ್ ನಗರ, ಜಹೀರಾಬಾದ್ ಸೇರಿದಂತೆ ವಿವಿಧ ಪ್ರದೇಶಗಳಲ್ಲಿ ವಿದ್ಯುತ್ ವ್ಯತ್ಯಯವಾಗಲಿದೆ. ಹೆಚ್ಚಿನ ಮಾಹಿತಿಗಾಗಿ ದೂರವಾಣಿ ಸಂಖ್ಯೆ 08532-226386, 08532-231999 ಸಂಪರ್ಕಿಸಬಹುದು ಎಂದು ಪ್ರಕಟಣೆಯಲ್ಲಿ ತಿಳಿಸಿದ್ದಾರೆ.
ಮೇ.5 ರಂದು ಶ್ರೀ ಭಗವಾನ ಬುದ್ಧರ ಜಯಂತಿ ಪೂರ್ವಭಾವಿ ಸಭೆ
ವಿಜಯನಗರ(ಹೊಸಪೇಟೆ): ಪ್ರಸಕ್ತ ಸಾಲಿನ ಮೇ ತಿಂಗಳು ಮೇ.12 ರಂದು ಶ್ರೀ ಭಗವಾನ ಬುದ್ಧರ ಜಯಂತಿ ಆಚರಣೆ ಹಿನ್ನೆಲೆಯಲ್ಲಿ ಮೇ.5 ರಂದು ಬೆಳಿಗ್ಗೆ 11.30 ಕ್ಕೆ ಜಿಲ್ಲಾಧಿಕಾರಿಗಳ ಕಚೇರಿ ಸಭಾಂಗಣದಲ್ಲಿ ಪೂರ್ವಭಾವಿ ಸಭೆ ಕರೆಯಲಾಗಿದ್ದು, ಸಂಬಂಧಪಟ್ಟ ಅಧಿಕಾರಿಗಳು, ಸಂಘ-ಸಂಸ್ಥೆಗಳ ಮುಖಂಡರು ಭಾಗವಹಿಸಬೇಕು ಎಂದು ಪ್ರಕಟಣೆಯಲ್ಲಿ ತಿಳಿಸಲಾಗಿದೆ.
ಅನಾಮಧೇಯ ಮೃತ ವ್ಯಕ್ತಿ ವಾರಸುದಾರರ ಪತ್ತೆಗೆ ಮನವಿ
ಬಳ್ಳಾರಿ: ಬಳ್ಳಾರಿ ಗ್ರಾಮೀಣ ವ್ಯಾಪ್ತಿಯ ಹಗ್ಗಿಸಗುಂದ ಗ್ರಾಮದ ಹತ್ತಿರ ಸುಮಾರು 60 ರಿಂದ 65 ವರ್ಷದ ಅನಾಮಧೇಯ ವ್ಯಕ್ತಿಯು ಮೃತಪಟ್ಟಿರುವ ಬಗ್ಗೆ ಪ್ರಕರಣ ದಾಖಲಾಗಿದೆ. ಮೃತನ ಚಹರೆ: ಎತ್ತರ 5.5 ಅಡಿ, ದುಂಡು ಮುಖ, ಕಪ್ಪು ಮೈಬಣ್ಣ, ಸಾಧಾರಣ ಮೈಕಟ್ಟು ಹೊಂದಿದ್ದು, ಮೃತನ ವಾರಸುದಾರರು ಪತ್ತೆಯಾದಲ್ಲಿ ಬಳ್ಳಾರಿ ಗ್ರಾಮೀಣ ಪೊಲೀಸ್ ಠಾಣೆ ದೂ.08392-258100, 258102 ಅಥವಾ ಬಳ್ಳಾರಿ ಗ್ರಾಮೀಣ ಪೊಲೀಸ್ ವೃತ್ತ ನಿರೀಕ್ಷಕರ ಕಚೇರಿ ದೂ.08392-276461, ಪಿ.ಐ ಮೊ.9480803049 ಗೆ ಸಂಪರ್ಕಿಸಬಹುದು ಎಂದು ಪ್ರಕಟಣೆಯಲ್ಲಿ ತಿಳಿಸಿದ್ದಾರೆ.
Printed by : B.Ramesh Uppar, Published by : B.Ramesh Uppar and Owned by: B.Ramesh Uppar, ,Printed at : SHREESHAILA PRINTERS, Eranna Gudi Opposite Road,
Eslampur, Gangavathi-581227 Koppal Dist. Karnataka. ,Published at : At Ward. No.21, Sadashiva Nagara, Near K.S.V. Rice Mill, B.M. Saw Mill, Siruguppa-583121 Dist.
Bellary, Karnataka Editor : B.Ramesh Uppar
